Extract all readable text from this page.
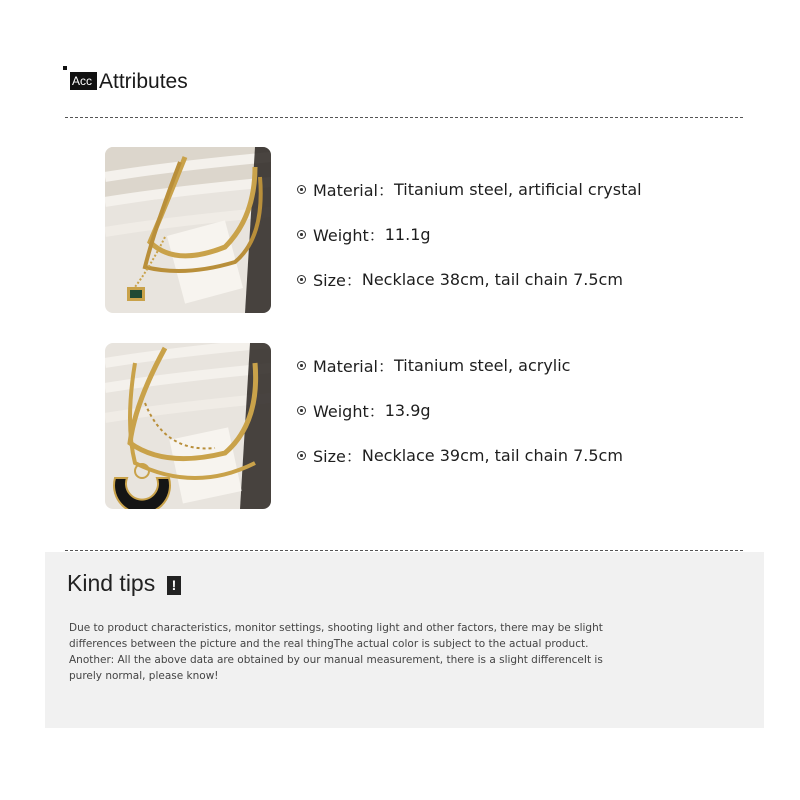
Acc Attributes
Material： Titanium steel, artificial crystal
Weight： 11.1g
Size： Necklace 38cm, tail chain 7.5cm
Material： Titanium steel, acrylic
Weight： 13.9g
Size： Necklace 39cm, tail chain 7.5cm
Kind tips	!
Due to product characteristics, monitor settings, shooting light and other factors, there may be slight
differences between the picture and the real thingThe actual color is subject to the actual product.
Another: All the above data are obtained by our manual measurement, there is a slight differenceIt is
purely normal, please know!
